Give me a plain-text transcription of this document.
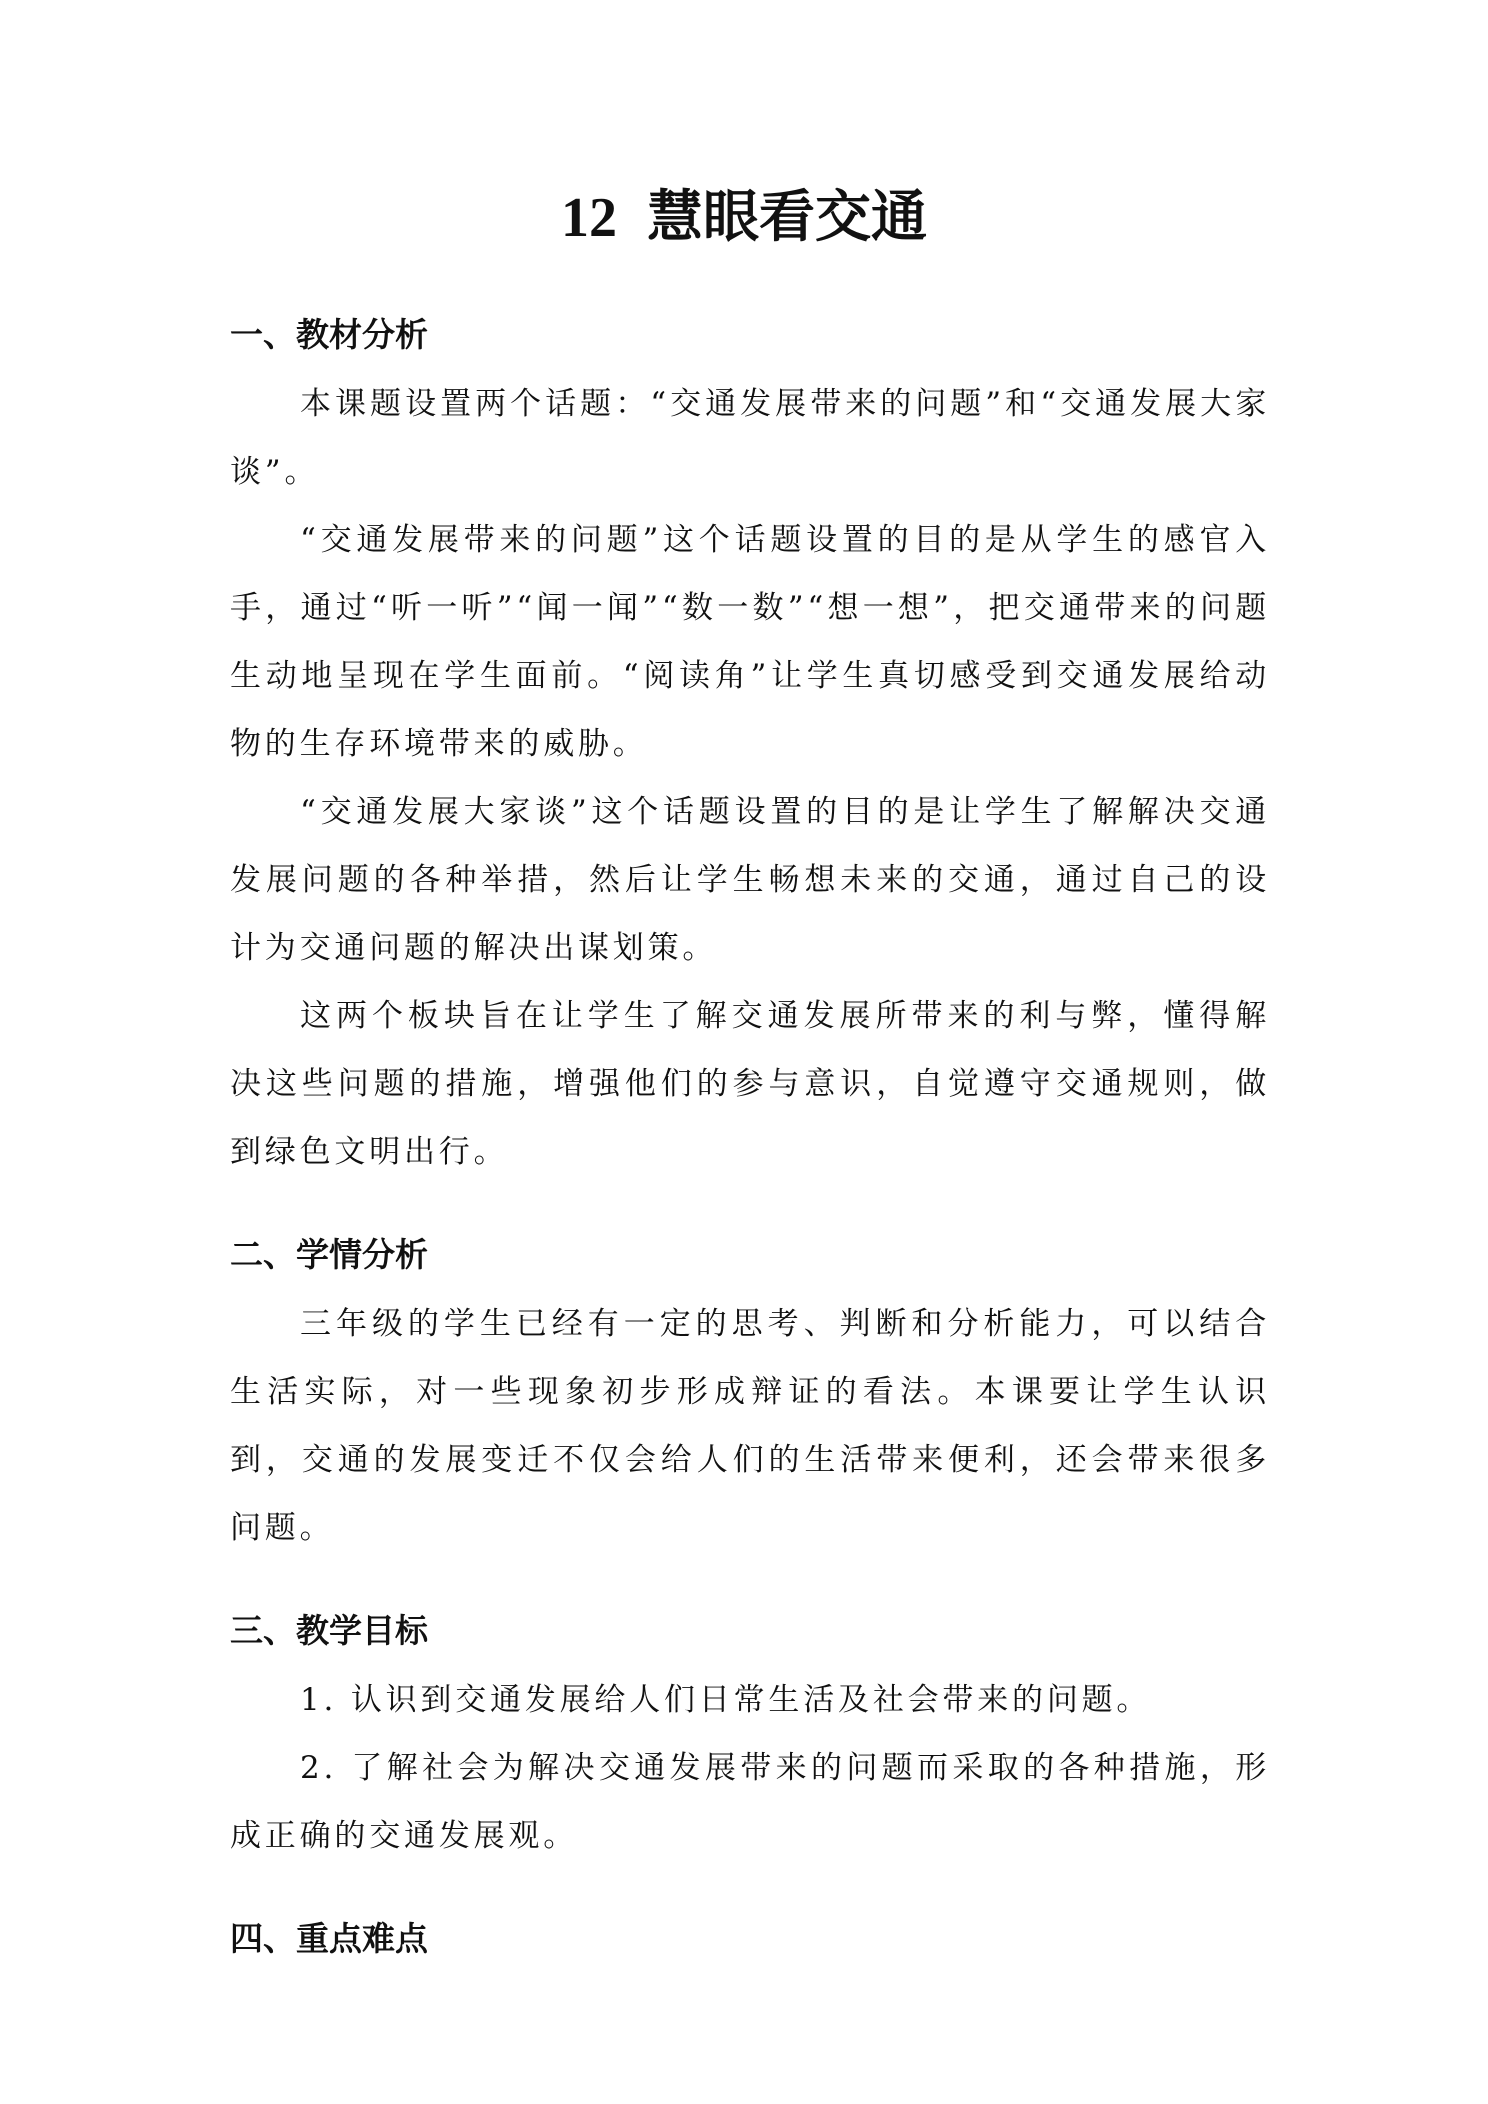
12 慧眼看交通
一、教材分析

本课题设置两个话题：“交通发展带来的问题”和“交通发展大家谈”。

“交通发展带来的问题”这个话题设置的目的是从学生的感官入手，通过“听一听”“闻一闻”“数一数”“想一想”，把交通带来的问题生动地呈现在学生面前。“阅读角”让学生真切感受到交通发展给动物的生存环境带来的威胁。

“交通发展大家谈”这个话题设置的目的是让学生了解解决交通发展问题的各种举措，然后让学生畅想未来的交通，通过自己的设计为交通问题的解决出谋划策。

这两个板块旨在让学生了解交通发展所带来的利与弊，懂得解决这些问题的措施，增强他们的参与意识，自觉遵守交通规则，做到绿色文明出行。

二、学情分析

三年级的学生已经有一定的思考、判断和分析能力，可以结合生活实际，对一些现象初步形成辩证的看法。本课要让学生认识到，交通的发展变迁不仅会给人们的生活带来便利，还会带来很多问题。

三、教学目标

1. 认识到交通发展给人们日常生活及社会带来的问题。

2. 了解社会为解决交通发展带来的问题而采取的各种措施，形成正确的交通发展观。

四、重点难点
